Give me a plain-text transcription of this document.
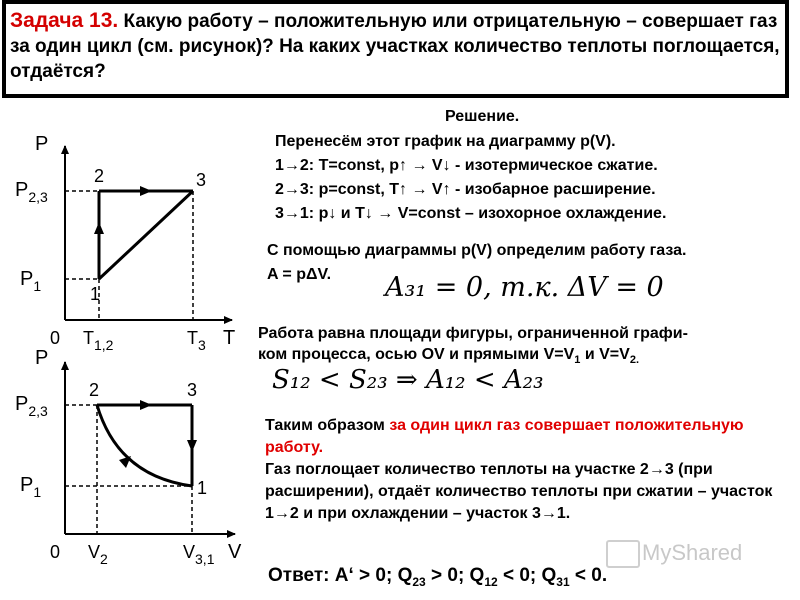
Задача 13. Какую работу – положительную или отрицательную – совершает газ за один цикл (см. рисунок)? На каких участках количество теплоты поглощается, отдаётся?
P
T
0
$P_{2,3}$
$P_1$
$T_{1,2}$	$T_3$
2	3
1
P
V
0
$P_{2,3}$
$P_1$
$V_2$	$V_{3,1}$
2	3
1
Решение.
Перенесём этот график на диаграмму p(V).
1→2: T=const, p↑ → V↓ - изотермическое сжатие.
2→3: p=const, T↑ → V↑ - изобарное расширение.
3→1: p↓ и T↓ → V=const – изохорное охлаждение.
С помощью диаграммы p(V) определим работу газа.
A = pΔV. A₃₁ = 0, т.к. ΔV = 0
Работа равна площади фигуры, ограниченной графи-
ком процесса, осью OV и прямыми $V=V_1$ и $V=V_{2.}$
S₁₂ < S₂₃ ⇒ A₁₂ < A₂₃
Таким образом за один цикл газ совершает положительную работу.
Газ поглощает количество теплоты на участке 2→3 (при расширении), отдаёт количество теплоты при сжатии – участок 1→2 и при охлаждении – участок 3→1.
MyShared
Ответ: A‘ > 0; $Q_{23} > 0$; $Q_{12} < 0$; $Q_{31} < 0$.
